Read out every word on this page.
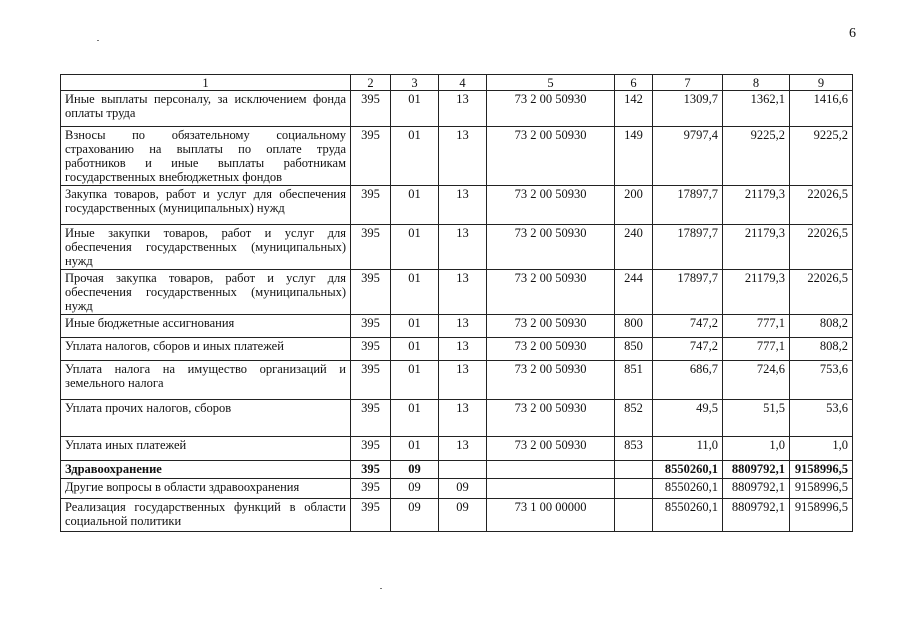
6
1	2	3	4	5	6	7	8	9
Иные выплаты персоналу, за исключением фонда оплаты труда	395	01	13	73 2 00 50930	142	1309,7	1362,1	1416,6
Взносы по обязательному социальному страхованию на выплаты по оплате труда работников и иные выплаты работникам государственных внебюджетных фондов	395	01	13	73 2 00 50930	149	9797,4	9225,2	9225,2
Закупка товаров, работ и услуг для обеспечения государственных (муниципальных) нужд	395	01	13	73 2 00 50930	200	17897,7	21179,3	22026,5
Иные закупки товаров, работ и услуг для обеспечения государственных (муниципальных) нужд	395	01	13	73 2 00 50930	240	17897,7	21179,3	22026,5
Прочая закупка товаров, работ и услуг для обеспечения государственных (муниципальных) нужд	395	01	13	73 2 00 50930	244	17897,7	21179,3	22026,5
Иные бюджетные ассигнования	395	01	13	73 2 00 50930	800	747,2	777,1	808,2
Уплата налогов, сборов и иных платежей	395	01	13	73 2 00 50930	850	747,2	777,1	808,2
Уплата налога на имущество организаций и земельного налога	395	01	13	73 2 00 50930	851	686,7	724,6	753,6
Уплата прочих налогов, сборов	395	01	13	73 2 00 50930	852	49,5	51,5	53,6
Уплата иных платежей	395	01	13	73 2 00 50930	853	11,0	1,0	1,0
Здравоохранение	395	09				8550260,1	8809792,1	9158996,5
Другие вопросы в области здравоохранения	395	09	09			8550260,1	8809792,1	9158996,5
Реализация государственных функций в области социальной политики	395	09	09	73 1 00 00000		8550260,1	8809792,1	9158996,5
